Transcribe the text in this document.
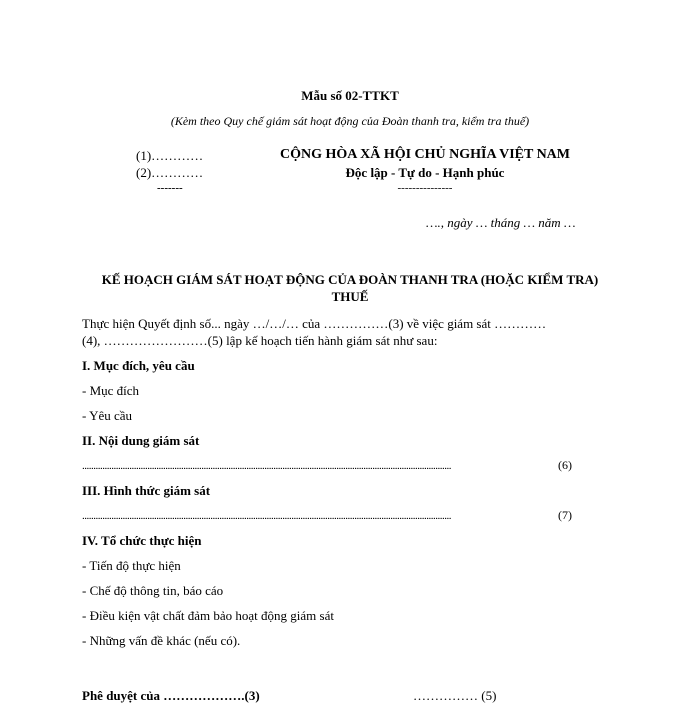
Mẫu số 02-TTKT
(Kèm theo Quy chế giám sát hoạt động của Đoàn thanh tra, kiểm tra thuế)
(1)…………
(2)…………
-------
CỘNG HÒA XÃ HỘI CHỦ NGHĨA VIỆT NAM
Độc lập - Tự do - Hạnh phúc
---------------
…., ngày … tháng … năm …
KẾ HOẠCH GIÁM SÁT HOẠT ĐỘNG CỦA ĐOÀN THANH TRA (HOẶC KIỂM TRA)
THUẾ
Thực hiện Quyết định số... ngày …/…/… của ……………(3) về việc giám sát …………
(4), ……………………(5) lập kế hoạch tiến hành giám sát như sau:
I. Mục đích, yêu cầu
- Mục đích
- Yêu cầu
II. Nội dung giám sát
....................................................................................................................................................................	(6)
III. Hình thức giám sát
....................................................................................................................................................................	(7)
IV. Tổ chức thực hiện
- Tiến độ thực hiện
- Chế độ thông tin, báo cáo
- Điều kiện vật chất đảm bảo hoạt động giám sát
- Những vấn đề khác (nếu có).
Phê duyệt của ……………….(3)	…………… (5)
